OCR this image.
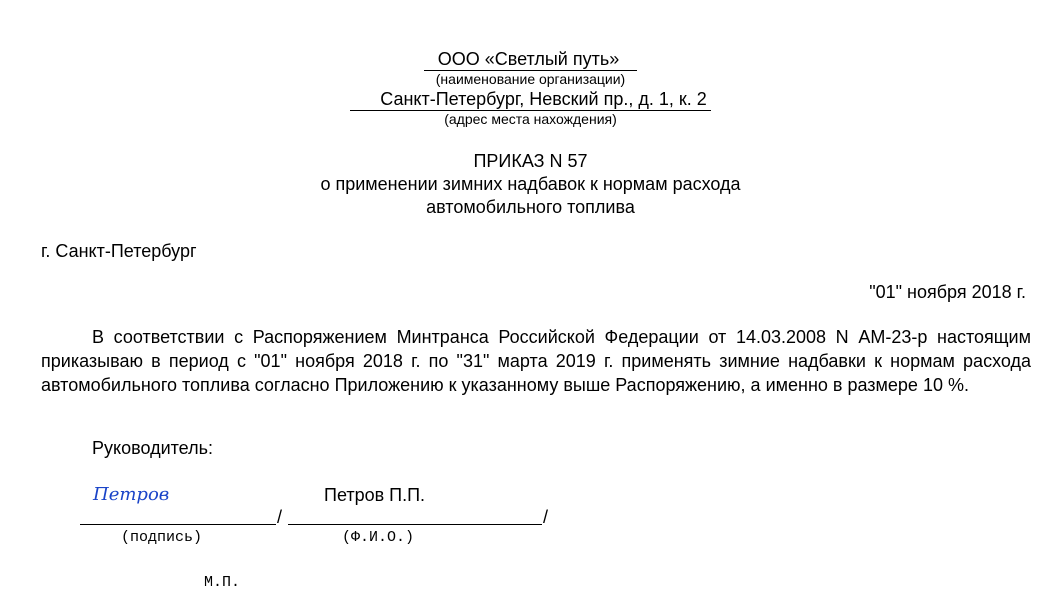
ООО «Светлый путь»
(наименование организации)
Санкт-Петербург, Невский пр., д. 1, к. 2
(адрес места нахождения)
ПРИКАЗ N 57
о применении зимних надбавок к нормам расхода
автомобильного топлива
г. Санкт-Петербург
"01" ноября 2018 г.
В соответствии с Распоряжением Минтранса Российской Федерации от 14.03.2008 N АМ-23-р настоящим приказываю в период с "01" ноября 2018 г. по "31" марта 2019 г. применять зимние надбавки к нормам расхода автомобильного топлива согласно Приложению к указанному выше Распоряжению, а именно в размере 10 %.
Руководитель:
Петров	Петров П.П.
/	/
(подпись)	(Ф.И.О.)
М.П.
